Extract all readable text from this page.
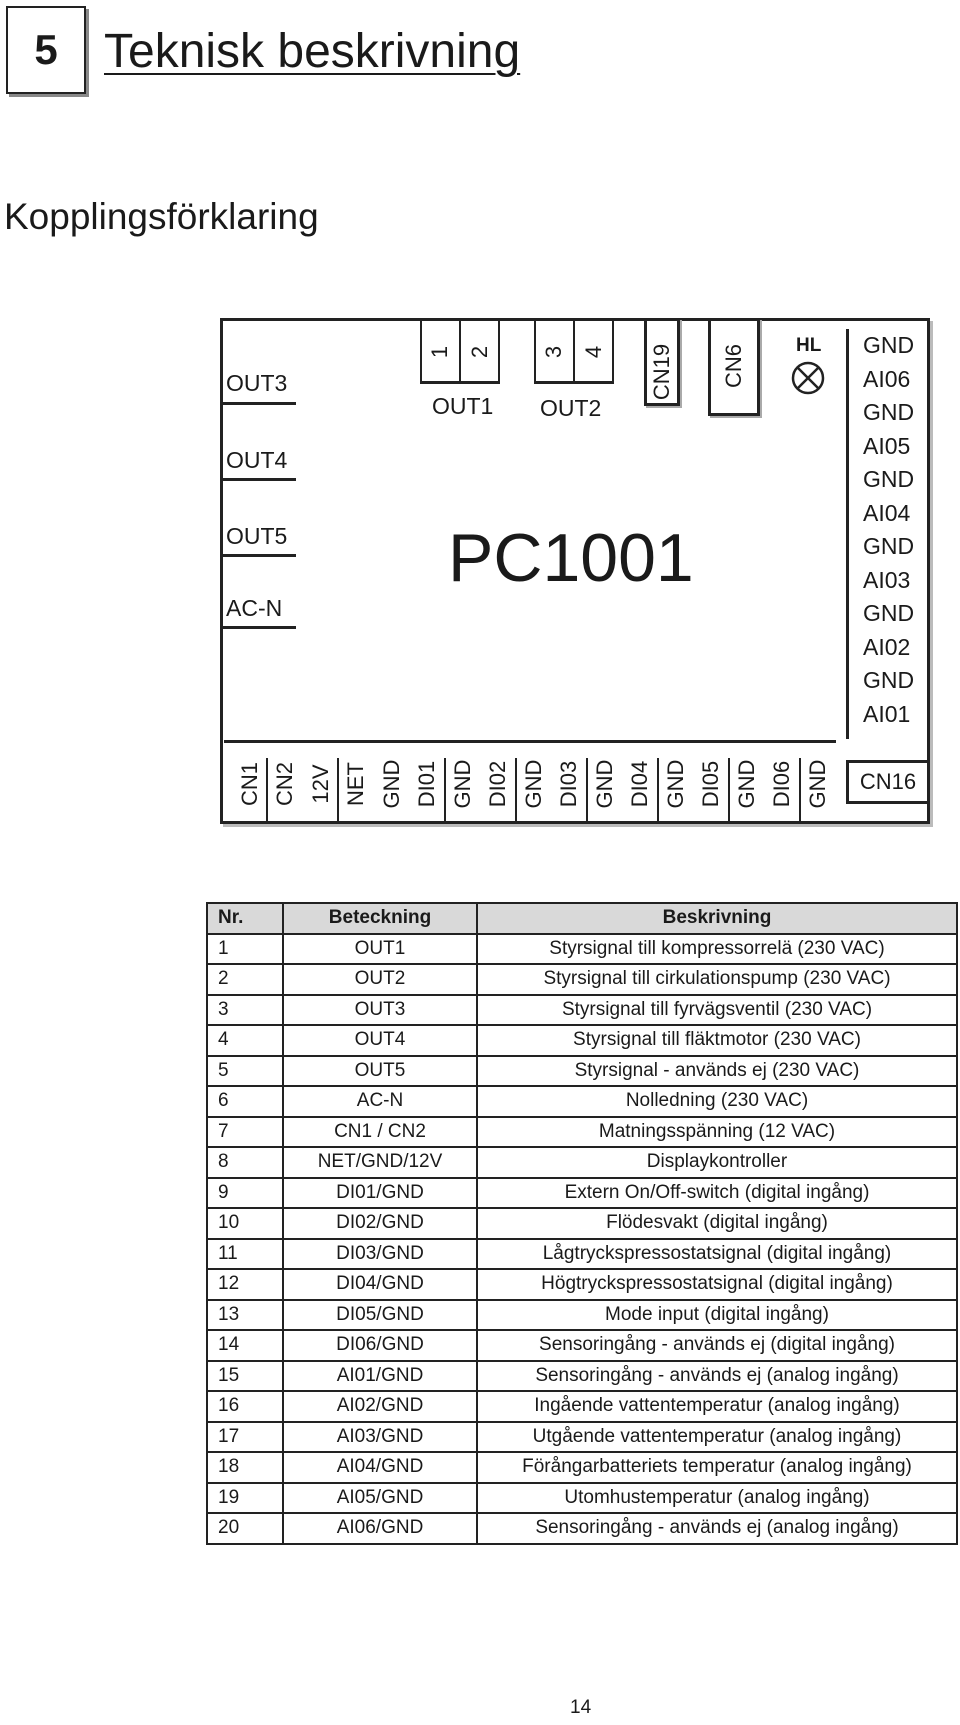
5 Teknisk beskrivning
Kopplingsförklaring
OUT3
OUT4
OUT5
AC-N
1 2
OUT1
3 4
OUT2
CN19 CN6	HL
PC1001
GND
AI06
GND
AI05
GND
AI04
GND
AI03
GND
AI02
GND
AI01
CN1 CN2 12V NET GND DI01 GND DI02 GND DI03 GND DI04 GND DI05 GND DI06 GND	CN16
Nr.	Beteckning	Beskrivning
1	OUT1	Styrsignal till kompressorrelä (230 VAC)
2	OUT2	Styrsignal till cirkulationspump (230 VAC)
3	OUT3	Styrsignal till fyrvägsventil (230 VAC)
4	OUT4	Styrsignal till fläktmotor (230 VAC)
5	OUT5	Styrsignal - används ej (230 VAC)
6	AC-N	Nolledning (230 VAC)
7	CN1 / CN2	Matningsspänning (12 VAC)
8	NET/GND/12V	Displaykontroller
9	DI01/GND	Extern On/Off-switch (digital ingång)
10	DI02/GND	Flödesvakt (digital ingång)
11	DI03/GND	Lågtryckspressostatsignal (digital ingång)
12	DI04/GND	Högtryckspressostatsignal (digital ingång)
13	DI05/GND	Mode input (digital ingång)
14	DI06/GND	Sensoringång - används ej (digital ingång)
15	AI01/GND	Sensoringång - används ej (analog ingång)
16	AI02/GND	Ingående vattentemperatur (analog ingång)
17	AI03/GND	Utgående vattentemperatur (analog ingång)
18	AI04/GND	Förångarbatteriets temperatur (analog ingång)
19	AI05/GND	Utomhustemperatur (analog ingång)
20	AI06/GND	Sensoringång - används ej (analog ingång)
14
